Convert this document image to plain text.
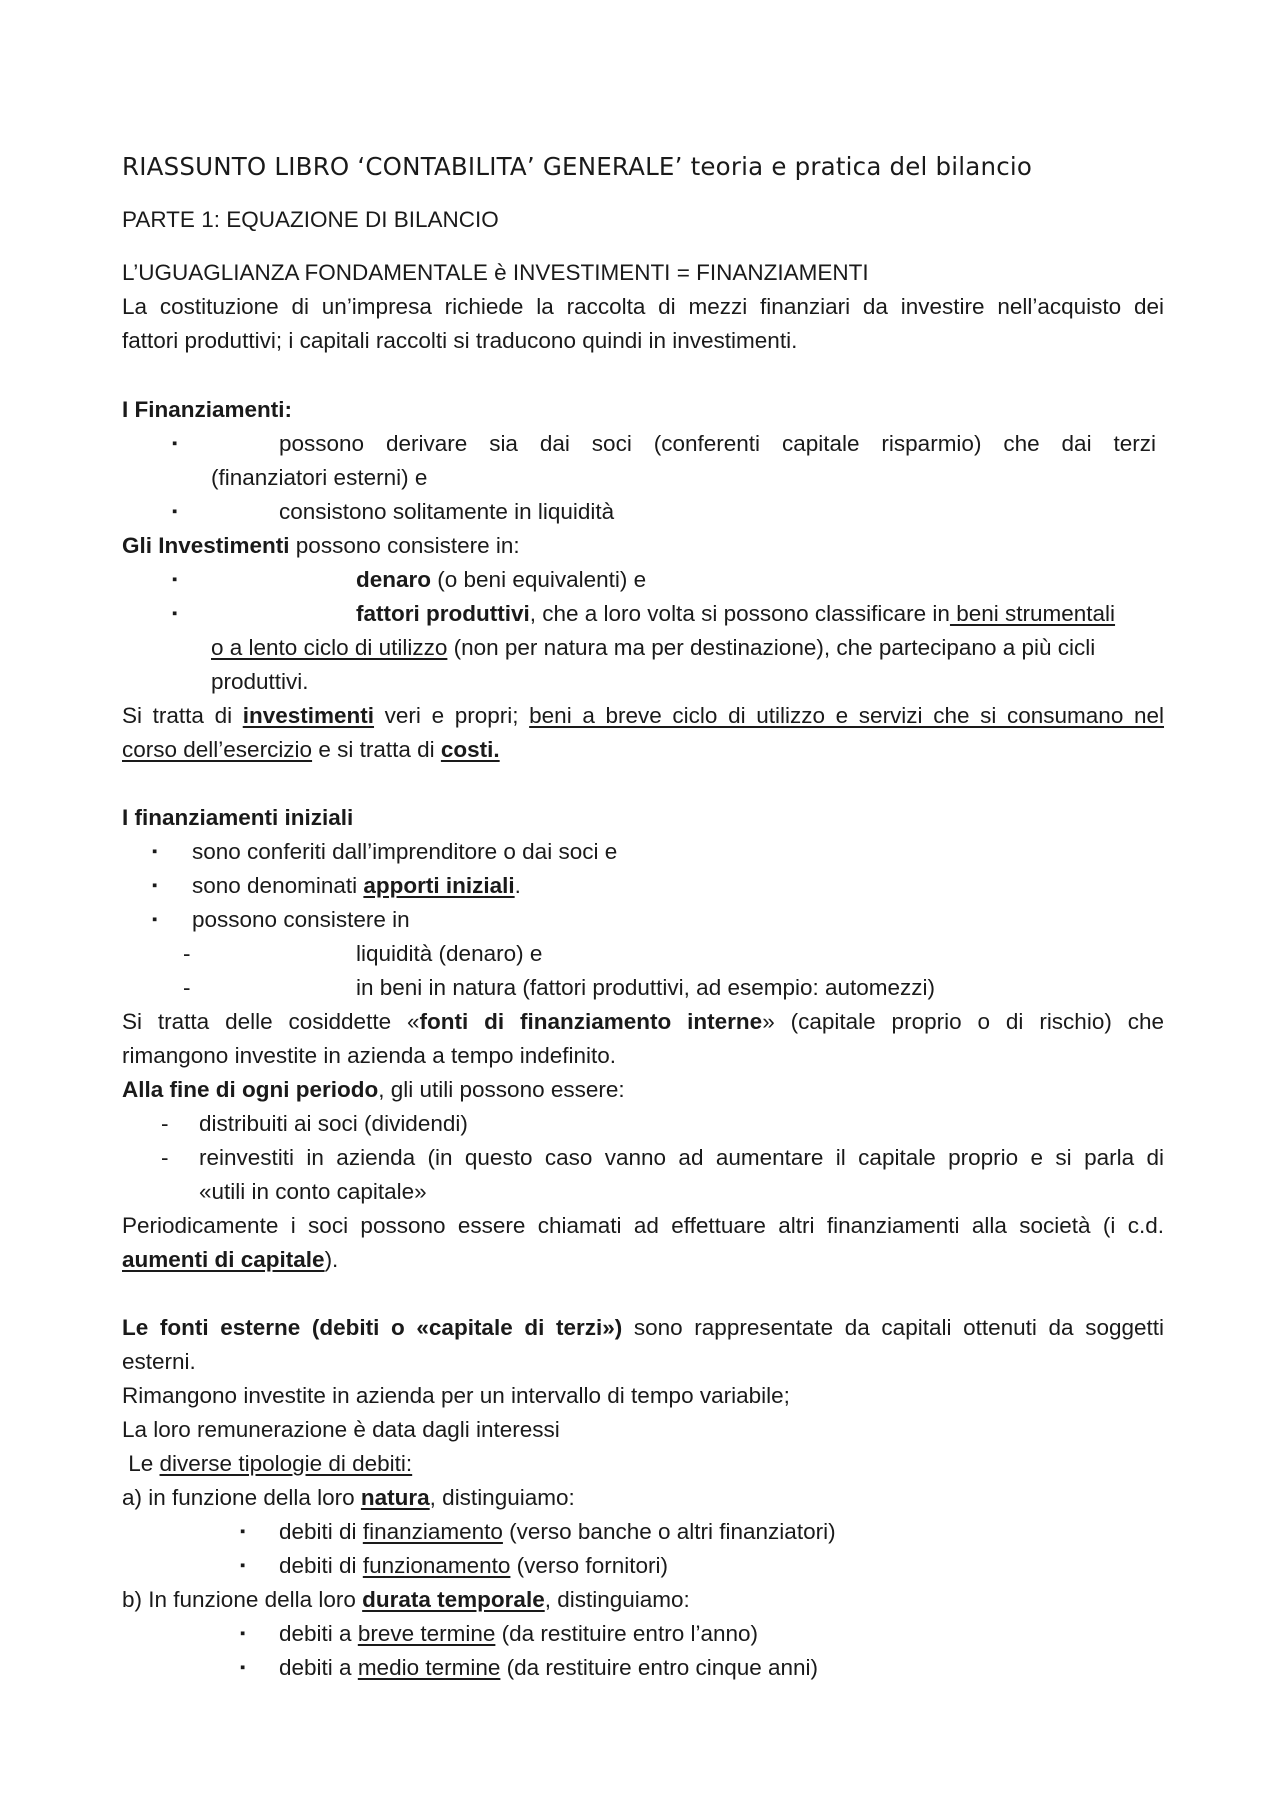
RIASSUNTO LIBRO ‘CONTABILITA’ GENERALE’ teoria e pratica del bilancio
PARTE 1: EQUAZIONE DI BILANCIO
L’UGUAGLIANZA FONDAMENTALE è INVESTIMENTI = FINANZIAMENTI
La costituzione di un’impresa richiede la raccolta di mezzi finanziari da investire nell’acquisto dei
fattori produttivi; i capitali raccolti si traducono quindi in investimenti.
I Finanziamenti:
▪	possono derivare sia dai soci (conferenti capitale risparmio) che dai terzi
(finanziatori esterni) e
▪	consistono solitamente in liquidità
Gli Investimenti possono consistere in:
▪	denaro (o beni equivalenti) e
▪	fattori produttivi, che a loro volta si possono classificare in beni strumentali
o a lento ciclo di utilizzo (non per natura ma per destinazione), che partecipano a più cicli
produttivi.
Si tratta di investimenti veri e propri; beni a breve ciclo di utilizzo e servizi che si consumano nel
corso dell’esercizio e si tratta di costi.
I finanziamenti iniziali
▪ sono conferiti dall’imprenditore o dai soci e
▪ sono denominati apporti iniziali.
▪ possono consistere in
-	liquidità (denaro) e
-	in beni in natura (fattori produttivi, ad esempio: automezzi)
Si tratta delle cosiddette «fonti di finanziamento interne» (capitale proprio o di rischio) che
rimangono investite in azienda a tempo indefinito.
Alla fine di ogni periodo, gli utili possono essere:
- distribuiti ai soci (dividendi)
- reinvestiti in azienda (in questo caso vanno ad aumentare il capitale proprio e si parla di
«utili in conto capitale»
Periodicamente i soci possono essere chiamati ad effettuare altri finanziamenti alla società (i c.d.
aumenti di capitale).
Le fonti esterne (debiti o «capitale di terzi») sono rappresentate da capitali ottenuti da soggetti
esterni.
Rimangono investite in azienda per un intervallo di tempo variabile;
La loro remunerazione è data dagli interessi
Le diverse tipologie di debiti:
a) in funzione della loro natura, distinguiamo:
▪ debiti di finanziamento (verso banche o altri finanziatori)
▪ debiti di funzionamento (verso fornitori)
b) In funzione della loro durata temporale, distinguiamo:
▪ debiti a breve termine (da restituire entro l’anno)
▪ debiti a medio termine (da restituire entro cinque anni)
